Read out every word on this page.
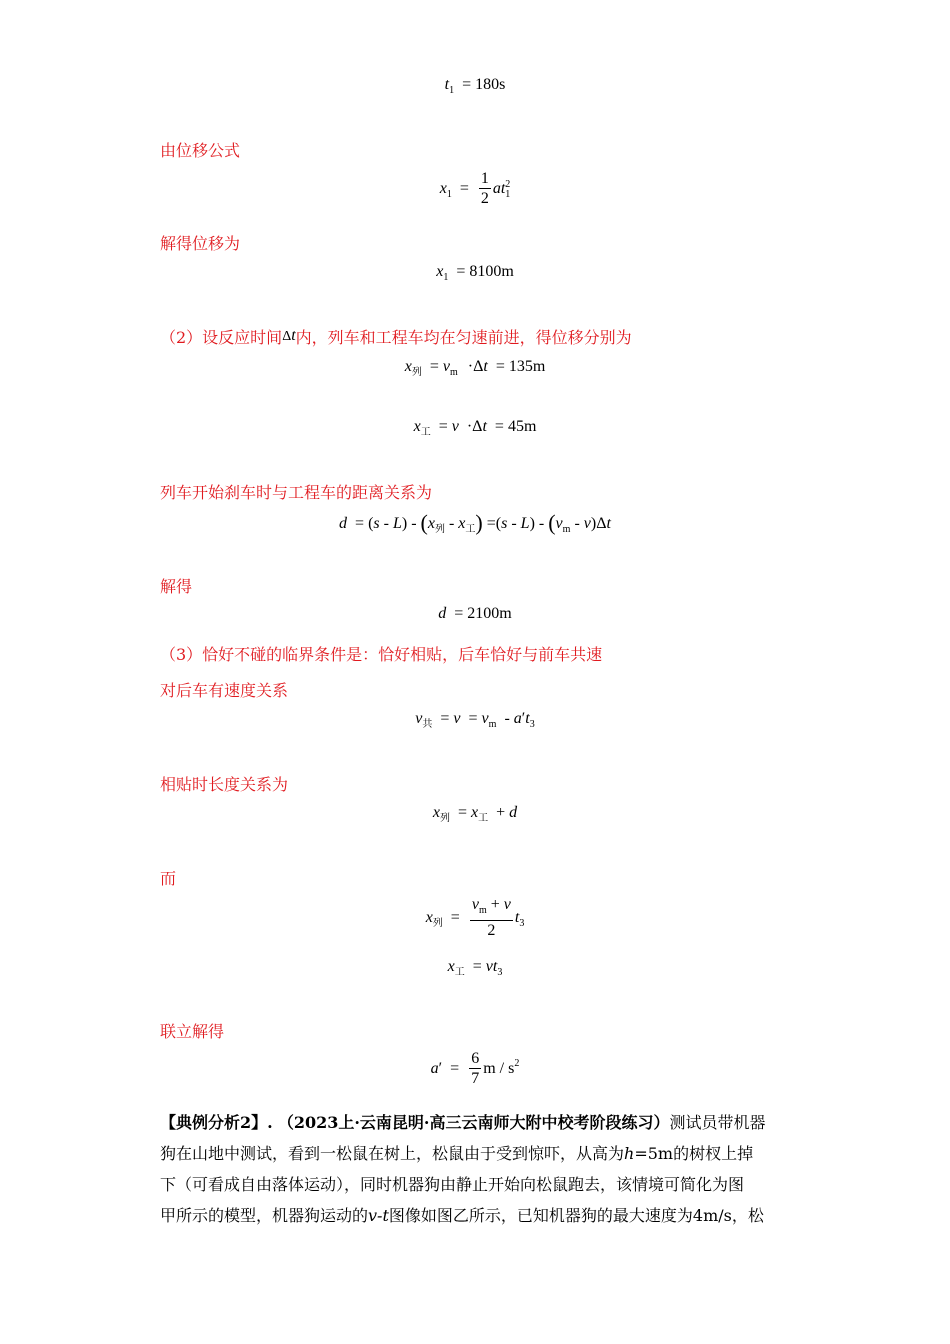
$t_1 = 180s$
由位移公式
$x_1 = \frac{1}{2}$ at 2
1
解得位移为
$x_1 = 8100m$
（2）设反应时间Δt内，列车和工程车均在匀速前进，得位移分别为
$x_列 = v_m \cdot\Delta t = 135m$
$x_工 = v \cdot\Delta t = 45m$
列车开始刹车时与工程车的距离关系为
$d = (s - L) - (x_列 - x_工) =(s - L) - (v_m - v)\Delta t$
解得
d = 2100m
（3）恰好不碰的临界条件是：恰好相贴，后车恰好与前车共速
对后车有速度关系
$v_共 = v = v_m - a't_3$
相贴时长度关系为
$x_列 = x_工 + d$
而
$x_列 = \frac{v_m + v}{2} t_3$
$x_工 = vt_3$
联立解得
$a' = \frac{6}{7}$ m / $s^2$
【典例分析2】. （2023上·云南昆明·高三云南师大附中校考阶段练习）测试员带机器
狗在山地中测试，看到一松鼠在树上，松鼠由于受到惊吓，从高为h=5m的树杈上掉
下（可看成自由落体运动），同时机器狗由静止开始向松鼠跑去，该情境可简化为图
甲所示的模型，机器狗运动的v-t图像如图乙所示，已知机器狗的最大速度为4m/s，松
